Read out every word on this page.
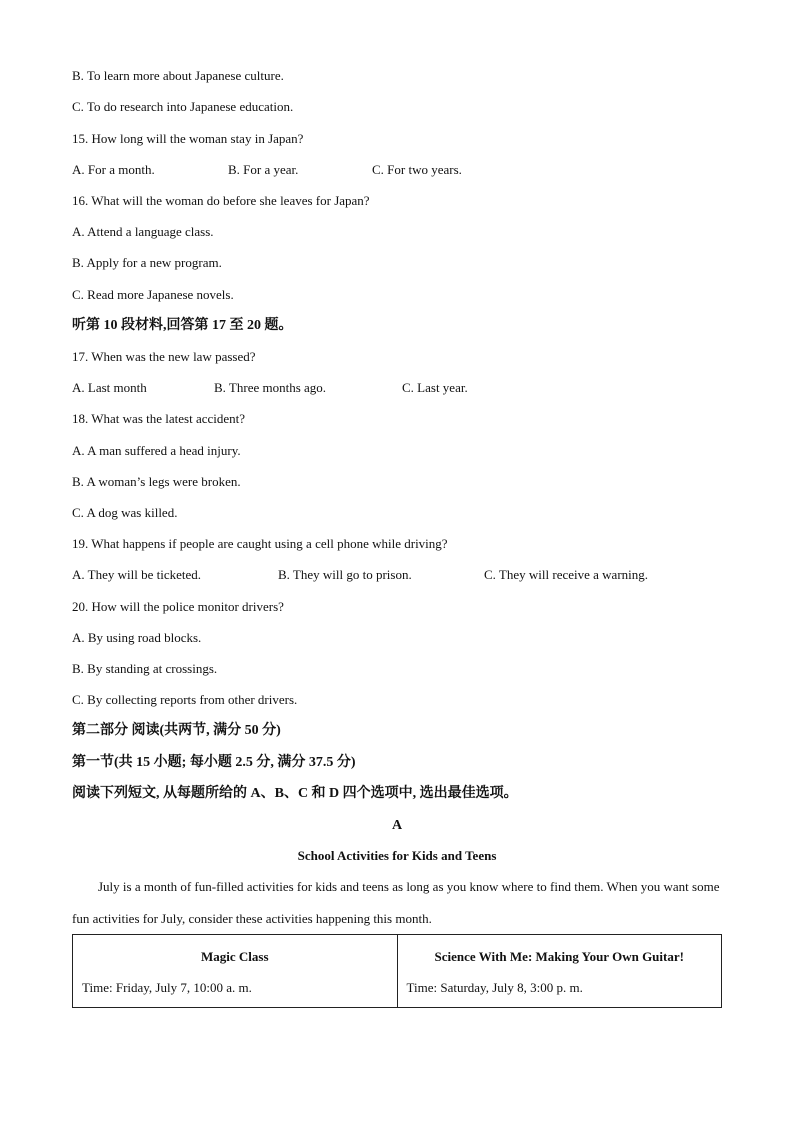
B. To learn more about Japanese culture.
C. To do research into Japanese education.
15. How long will the woman stay in Japan?
A. For a month.	B. For a year.	C. For two years.
16. What will the woman do before she leaves for Japan?
A. Attend a language class.
B. Apply for a new program.
C. Read more Japanese novels.
听第 10 段材料,回答第 17 至 20 题。
17. When was the new law passed?
A. Last month	B. Three months ago.	C. Last year.
18. What was the latest accident?
A. A man suffered a head injury.
B. A woman’s legs were broken.
C. A dog was killed.
19. What happens if people are caught using a cell phone while driving?
A. They will be ticketed.	B. They will go to prison.	C. They will receive a warning.
20. How will the police monitor drivers?
A. By using road blocks.
B. By standing at crossings.
C. By collecting reports from other drivers.
第二部分 阅读(共两节, 满分 50 分)
第一节(共 15 小题; 每小题 2.5 分, 满分 37.5 分)
阅读下列短文, 从每题所给的 A、B、C 和 D 四个选项中, 选出最佳选项。
A
School Activities for Kids and Teens
July is a month of fun-filled activities for kids and teens as long as you know where to find them. When you want some fun activities for July, consider these activities happening this month.
Magic Class
Time: Friday, July 7, 10:00 a. m.

Science With Me: Making Your Own Guitar!
Time: Saturday, July 8, 3:00 p. m.
